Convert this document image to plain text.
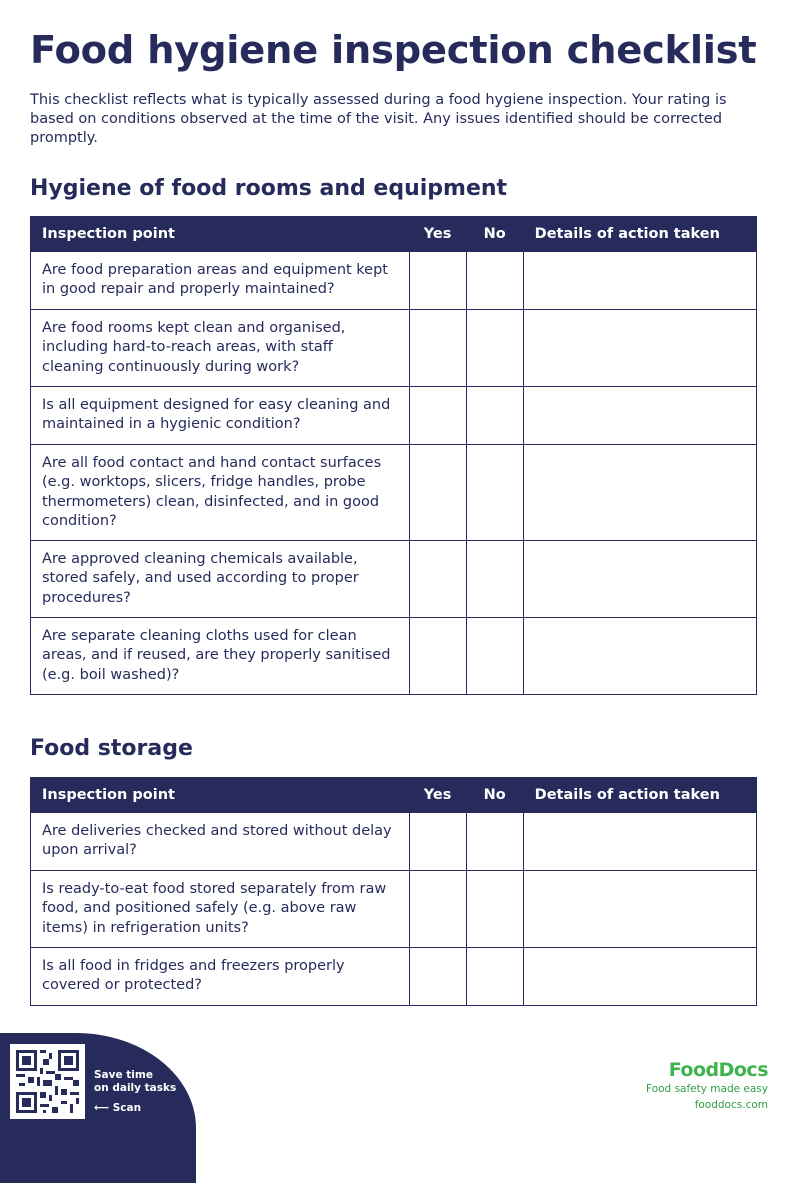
Food hygiene inspection checklist

This checklist reflects what is typically assessed during a food hygiene inspection. Your rating is based on conditions observed at the time of the visit. Any issues identified should be corrected promptly.

Hygiene of food rooms and equipment
Inspection point	Yes	No	Details of action taken
Are food preparation areas and equipment kept in good repair and properly maintained?			
Are food rooms kept clean and organised, including hard-to-reach areas, with staff cleaning continuously during work?			
Is all equipment designed for easy cleaning and maintained in a hygienic condition?			
Are all food contact and hand contact surfaces (e.g. worktops, slicers, fridge handles, probe thermometers) clean, disinfected, and in good condition?			
Are approved cleaning chemicals available, stored safely, and used according to proper procedures?			
Are separate cleaning cloths used for clean areas, and if reused, are they properly sanitised (e.g. boil washed)?			
Food storage
Inspection point	Yes	No	Details of action taken
Are deliveries checked and stored without delay upon arrival?			
Is ready-to-eat food stored separately from raw food, and positioned safely (e.g. above raw items) in refrigeration units?			
Is all food in fridges and freezers properly covered or protected?			
Save time
on daily tasks
⟵ Scan
FoodDocs
Food safety made easy
fooddocs.com
